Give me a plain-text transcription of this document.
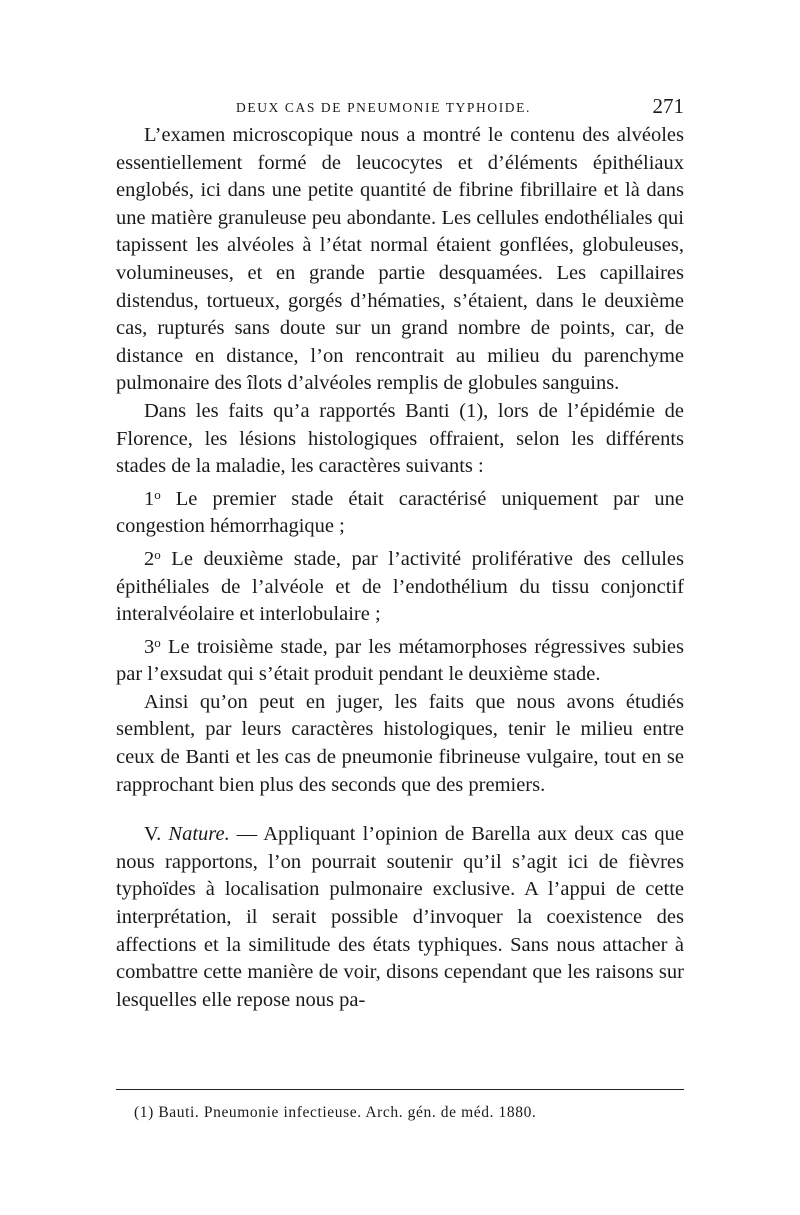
DEUX CAS DE PNEUMONIE TYPHOIDE.	271

L’examen microscopique nous a montré le contenu des alvéoles essentiellement formé de leucocytes et d’éléments épithéliaux englobés, ici dans une petite quantité de fibrine fibrillaire et là dans une matière granuleuse peu abondante. Les cellules endothéliales qui tapissent les alvéoles à l’état normal étaient gonflées, globuleuses, volumineuses, et en grande partie desquamées. Les capillaires distendus, tortueux, gorgés d’hématies, s’étaient, dans le deuxième cas, rupturés sans doute sur un grand nombre de points, car, de distance en distance, l’on rencontrait au milieu du parenchyme pulmonaire des îlots d’alvéoles remplis de globules sanguins.

Dans les faits qu’a rapportés Banti (1), lors de l’épidémie de Florence, les lésions histologiques offraient, selon les différents stades de la maladie, les caractères suivants :

1$^o$ Le premier stade était caractérisé uniquement par une congestion hémorrhagique ;

2$^o$ Le deuxième stade, par l’activité proliférative des cellules épithéliales de l’alvéole et de l’endothélium du tissu conjonctif interalvéolaire et interlobulaire ;

3$^o$ Le troisième stade, par les métamorphoses régressives subies par l’exsudat qui s’était produit pendant le deuxième stade.

Ainsi qu’on peut en juger, les faits que nous avons étudiés semblent, par leurs caractères histologiques, tenir le milieu entre ceux de Banti et les cas de pneumonie fibrineuse vulgaire, tout en se rapprochant bien plus des seconds que des premiers.

V. Nature. — Appliquant l’opinion de Barella aux deux cas que nous rapportons, l’on pourrait soutenir qu’il s’agit ici de fièvres typhoïdes à localisation pulmonaire exclusive. A l’appui de cette interprétation, il serait possible d’invoquer la coexistence des affections et la similitude des états typhiques. Sans nous attacher à combattre cette manière de voir, disons cependant que les raisons sur lesquelles elle repose nous pa-

(1) Bauti. Pneumonie infectieuse. Arch. gén. de méd. 1880.
